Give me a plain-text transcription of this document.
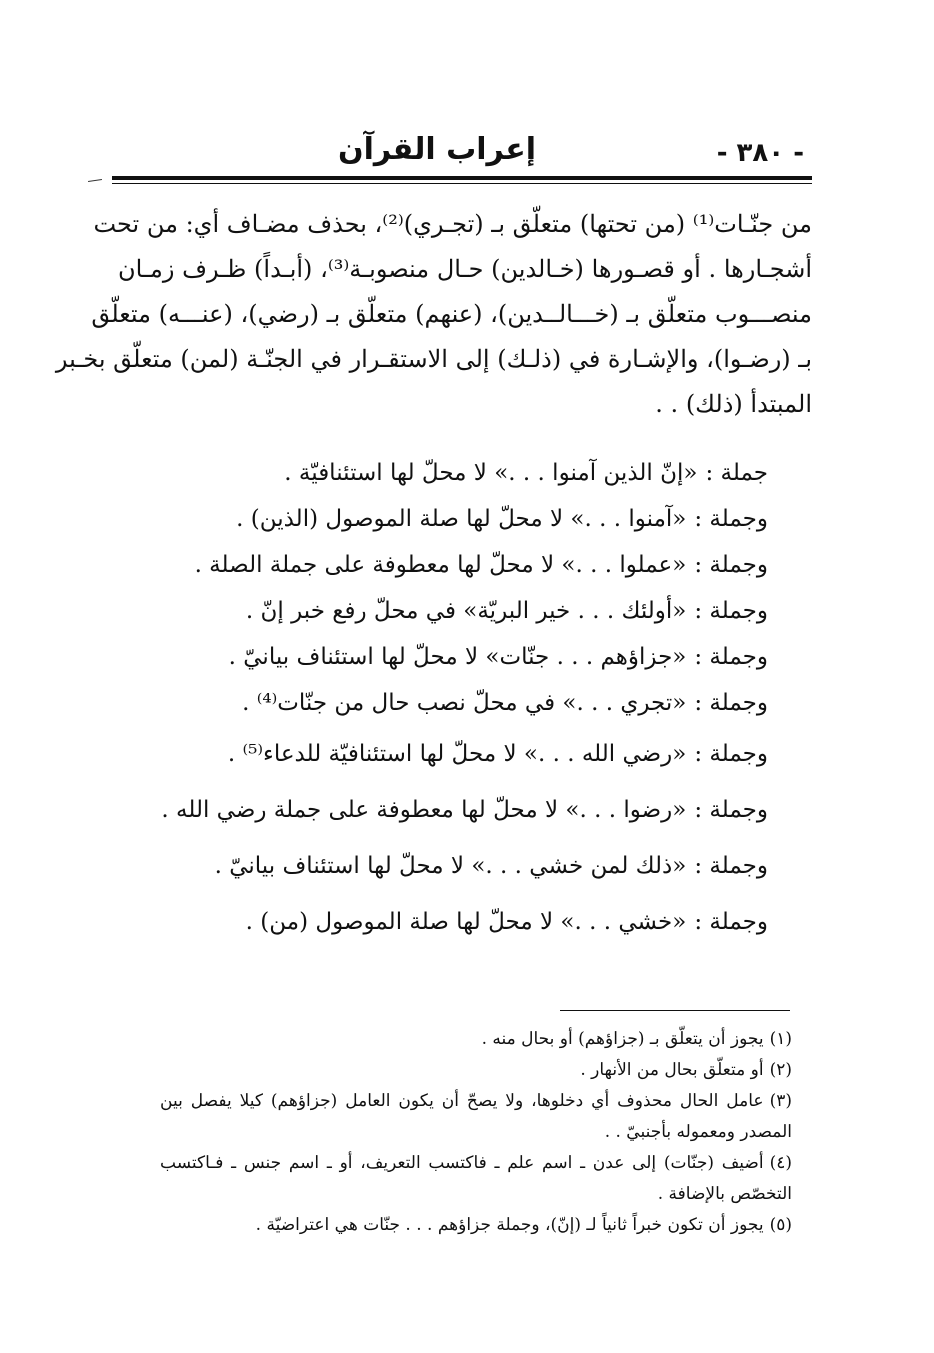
- ٣٨٠ -
إعراب القرآن
من جنّـات⁽¹⁾ (من تحتها) متعلّق بـ (تجـري)⁽²⁾، بحذف مضـاف أي: من تحت
أشجـارها . أو قصـورها (خـالدين) حـال منصوبـة⁽³⁾، (أبـداً) ظـرف زمـان
منصـــوب متعلّق بـ (خـــالــدين)، (عنهم) متعلّق بـ (رضي)، (عنـــه) متعلّق
بـ (رضـوا)، والإشـارة في (ذلـك) إلى الاستقـرار في الجنّـة (لمن) متعلّق بخـبر
المبتدأ (ذلك) . .
جملة :«إنّ الذين آمنوا . . .» لا محلّ لها استئنافيّة .
وجملة :«آمنوا . . .» لا محلّ لها صلة الموصول (الذين) .
وجملة :«عملوا . . .» لا محلّ لها معطوفة على جملة الصلة .
وجملة :«أولئك . . . خير البريّة» في محلّ رفع خبر إنّ .
وجملة :«جزاؤهم . . . جنّات» لا محلّ لها استئناف بيانيّ .
وجملة :«تجري . . .» في محلّ نصب حال من جنّات⁽⁴⁾ .
وجملة :«رضي الله . . .» لا محلّ لها استئنافيّة للدعاء⁽⁵⁾ .
وجملة :«رضوا . . .» لا محلّ لها معطوفة على جملة رضي الله .
وجملة :«ذلك لمن خشي . . .» لا محلّ لها استئناف بيانيّ .
وجملة :«خشي . . .» لا محلّ لها صلة الموصول (من) .
(١)يجوز أن يتعلّق بـ (جزاؤهم) أو بحال منه .
(٢)أو متعلّق بحال من الأنهار .
(٣)عامل الحال محذوف أي دخلوها، ولا يصحّ أن يكون العامل (جزاؤهم) كيلا يفصل بين المصدر ومعموله بأجنبيّ . .
(٤)أضيف (جنّات) إلى عدن ـ اسم علم ـ فاكتسب التعريف، أو ـ اسم جنس ـ فـاكتسب التخصّص بالإضافة .
(٥)يجوز أن تكون خبراً ثانياً لـ (إنّ)، وجملة جزاؤهم . . . جنّات هي اعتراضيّة .
